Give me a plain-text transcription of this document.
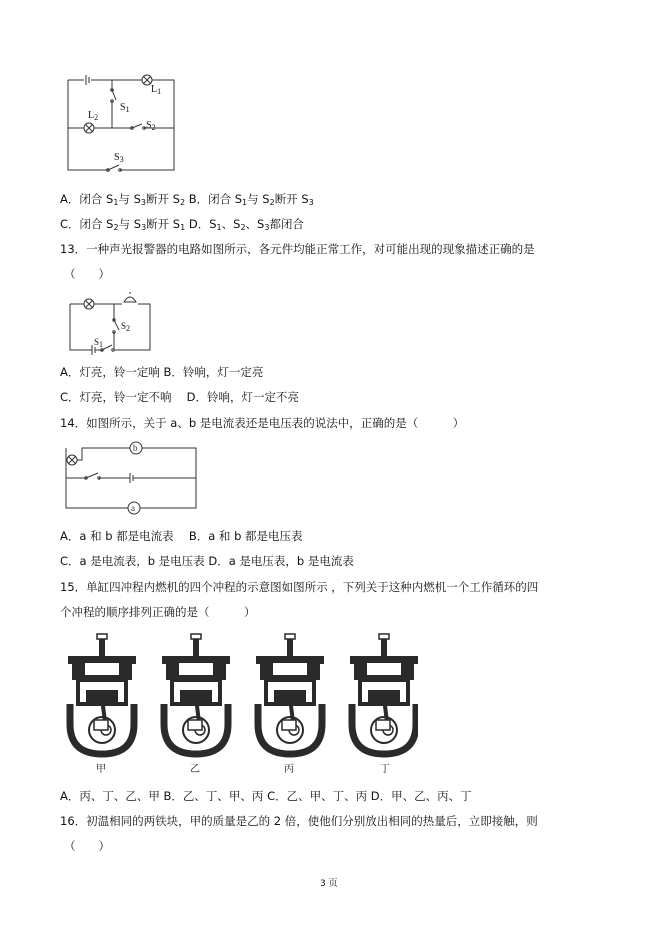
$L_1$
$L_2$
$S_1$
$S_2$
$S_3$
A．闭合 $S_1$与 $S_3$断开 $S_2$ B．闭合 $S_1$与 $S_2$断开 $S_3$
C．闭合 $S_2$与 $S_3$断开 $S_1$ D．$S_1$、$S_2$、$S_3$都闭合
13．一种声光报警器的电路如图所示，各元件均能正常工作，对可能出现的现象描述正确的是
（　　）
S2
S1
A．灯亮，铃一定响 B．铃响，灯一定亮
C．灯亮，铃一定不响　 D．铃响，灯一定不亮
14．如图所示，关于 a、b 是电流表还是电压表的说法中，正确的是（　　　）
b
a
A．a 和 b 都是电流表　 B．a 和 b 都是电压表
C．a 是电流表，b 是电压表 D．a 是电压表，b 是电流表
15．单缸四冲程内燃机的四个冲程的示意图如图所示 ，下列关于这种内燃机一个工作循环的四
个冲程的顺序排列正确的是（　　　）
甲	乙	丙	丁
A．丙、丁、乙、甲 B．乙、丁、甲、丙 C．乙、甲、丁、丙 D．甲、乙、丙、丁
16．初温相同的两铁块，甲的质量是乙的 2 倍，使他们分别放出相同的热量后，立即接触，则
（　　）
3 页
